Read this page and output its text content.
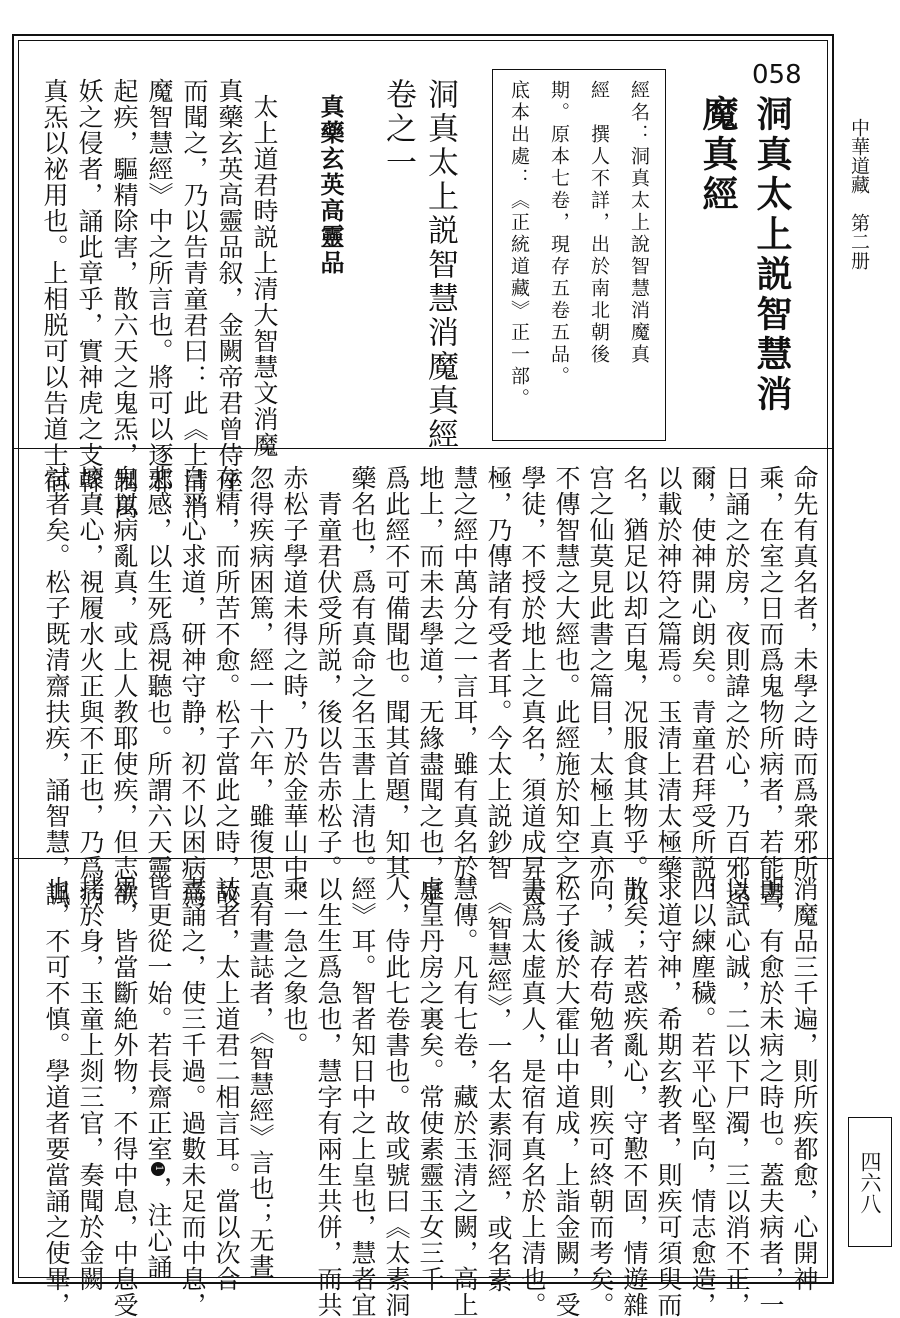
058
洞真太上説智慧消
魔真經
經名：洞真太上說智慧消魔真
經　撰人不詳，出於南北朝後
期。原本七卷，現存五卷五品。
底本出處：《正統道藏》正一部。
洞真太上説智慧消魔真經
卷之一
真藥玄英高靈品
太上道君時説上清大智慧文消魔
真藥玄英高靈品叙，金闕帝君曾侍座
而聞之，乃以告青童君曰：此《上清消
魔智慧經》中之所言也。將可以逐邪
起疾，驅精除害，散六天之鬼炁，制萬
妖之侵者，誦此章乎，實神虎之支幹，
真炁以祕用也。上相脱可以告道士宿
命先有真名者，未學之時而爲衆邪所
乘，在室之日而爲鬼物所病者，若能晝
日誦之於房，夜則諱之於心，乃百邪遠
爾，使神開心朗矣。青童君拜受所説，
以載於神符之篇焉。玉清上清太極藥
名，猶足以却百鬼，况服食其物乎。九
宫之仙莫見此書之篇目，太極上真亦
不傳智慧之大經也。此經施於知空之
學徒，不授於地上之真名，須道成昇太
極，乃傳諸有受者耳。今太上説鈔智
慧之經中萬分之一言耳，雖有真名於
地上，而未去學道，无緣盡聞之也，是
爲此經不可備聞也。聞其首題，知其
藥名也，爲有真命之名玉書上清也。
　青童君伏受所説，後以告赤松子。
赤松子學道未得之時，乃於金華山中，
忽得疾病困篤，經一十六年，雖復思真
存精，而所苦不愈。松子當此之時，故
自平心求道，研神守静，初不以困病爲
悲感，以生死爲視聽也。所謂六天靈
鬼以病亂真，或上人教耶使疾，但志欲
壞真心，視履水火正與不正也，乃爲病
試者矣。松子既清齋扶疾，誦智慧，諷
消魔品三千遍，則所疾都愈，心開神
朗，有愈於未病之時也。蓋夫病者，一
以試心誠，二以下尸濁，三以消不正，
四以練塵穢。若平心堅向，情志愈造，
求道守神，希期玄教者，則疾可須臾而
散矣；若惑疾亂心，守懃不固，情遊雜
向，誠存苟勉者，則疾可終朝而考矣。
松子後於大霍山中道成，上詣金闕，受
書爲太虚真人，是宿有真名於上清也。
　《智慧經》，一名太素洞經，或名素
慧傳。凡有七卷，藏於玉清之闕，高上
虚皇丹房之裏矣。常使素靈玉女三千
人，侍此七卷書也。故或號曰《太素洞
經》耳。智者知日中之上皇也，慧者宜
以生生爲急也，慧字有兩生共併，而共
乘一急之象也。
　有晝誌者，《智慧經》言也；无晝
誌者，太上道君二相言耳。當以次合
盡誦之，使三千過。過數未足而中息，
皆更從一始。若長齋正室1，注心誦
畢，皆當斷絶外物，不得中息，中息受
拷於身，玉童上剡三官，奏聞於金闕
也，不可不慎。學道者要當誦之使畢，
中華道藏　第二册
四六八
